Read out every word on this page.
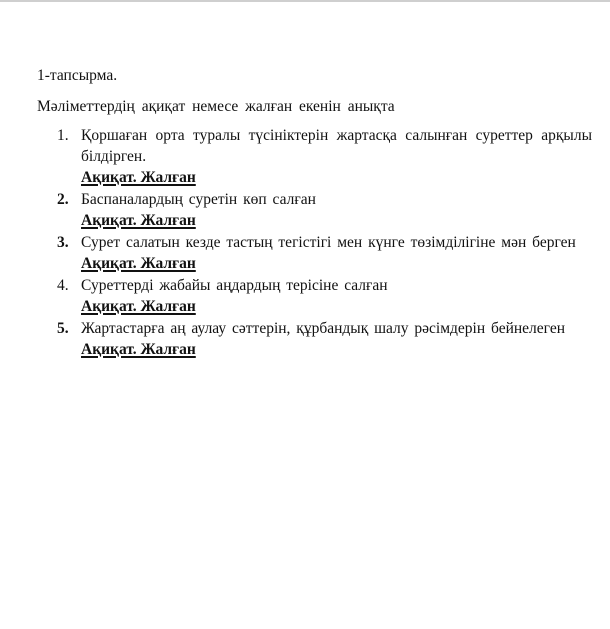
1-тапсырма.
Мәліметтердің ақиқат немесе жалған екенін анықта
1. Қоршаған орта туралы түсініктерін жартасқа салынған суреттер арқылы білдірген.
Ақиқат. Жалған
2. Баспаналардың суретін көп салған
Ақиқат. Жалған
3. Сурет салатын кезде тастың тегістігі мен күнге төзімділігіне мән берген
Ақиқат. Жалған
4. Суреттерді жабайы аңдардың терісіне салған
Ақиқат. Жалған
5. Жартастарға аң аулау сәттерін, құрбандық шалу рәсімдерін бейнелеген
Ақиқат. Жалған
